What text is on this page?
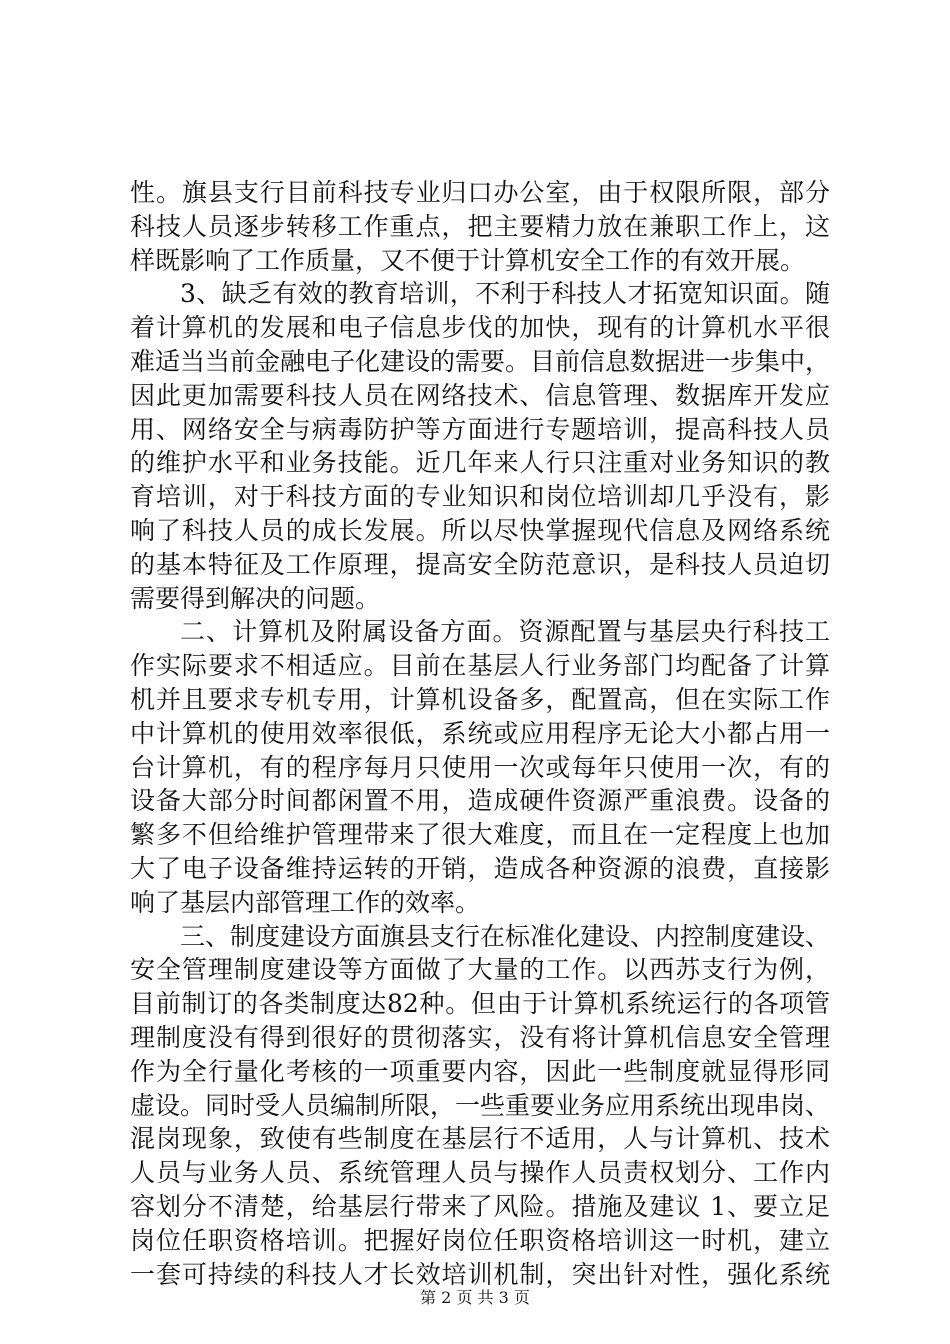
性。旗县支行目前科技专业归口办公室，由于权限所限，部分
科技人员逐步转移工作重点，把主要精力放在兼职工作上，这
样既影响了工作质量，又不便于计算机安全工作的有效开展。
3、缺乏有效的教育培训，不利于科技人才拓宽知识面。随
着计算机的发展和电子信息步伐的加快，现有的计算机水平很
难适当当前金融电子化建设的需要。目前信息数据进一步集中，
因此更加需要科技人员在网络技术、信息管理、数据库开发应
用、网络安全与病毒防护等方面进行专题培训，提高科技人员
的维护水平和业务技能。近几年来人行只注重对业务知识的教
育培训，对于科技方面的专业知识和岗位培训却几乎没有，影
响了科技人员的成长发展。所以尽快掌握现代信息及网络系统
的基本特征及工作原理，提高安全防范意识，是科技人员迫切
需要得到解决的问题。
二、计算机及附属设备方面。资源配置与基层央行科技工
作实际要求不相适应。目前在基层人行业务部门均配备了计算
机并且要求专机专用，计算机设备多，配置高，但在实际工作
中计算机的使用效率很低，系统或应用程序无论大小都占用一
台计算机，有的程序每月只使用一次或每年只使用一次，有的
设备大部分时间都闲置不用，造成硬件资源严重浪费。设备的
繁多不但给维护管理带来了很大难度，而且在一定程度上也加
大了电子设备维持运转的开销，造成各种资源的浪费，直接影
响了基层内部管理工作的效率。
三、制度建设方面旗县支行在标准化建设、内控制度建设、
安全管理制度建设等方面做了大量的工作。以西苏支行为例，
目前制订的各类制度达82种。但由于计算机系统运行的各项管
理制度没有得到很好的贯彻落实，没有将计算机信息安全管理
作为全行量化考核的一项重要内容，因此一些制度就显得形同
虚设。同时受人员编制所限，一些重要业务应用系统出现串岗、
混岗现象，致使有些制度在基层行不适用，人与计算机、技术
人员与业务人员、系统管理人员与操作人员责权划分、工作内
容划分不清楚，给基层行带来了风险。措施及建议 1、要立足
岗位任职资格培训。把握好岗位任职资格培训这一时机，建立
一套可持续的科技人才长效培训机制，突出针对性，强化系统
第 2 页 共 3 页
